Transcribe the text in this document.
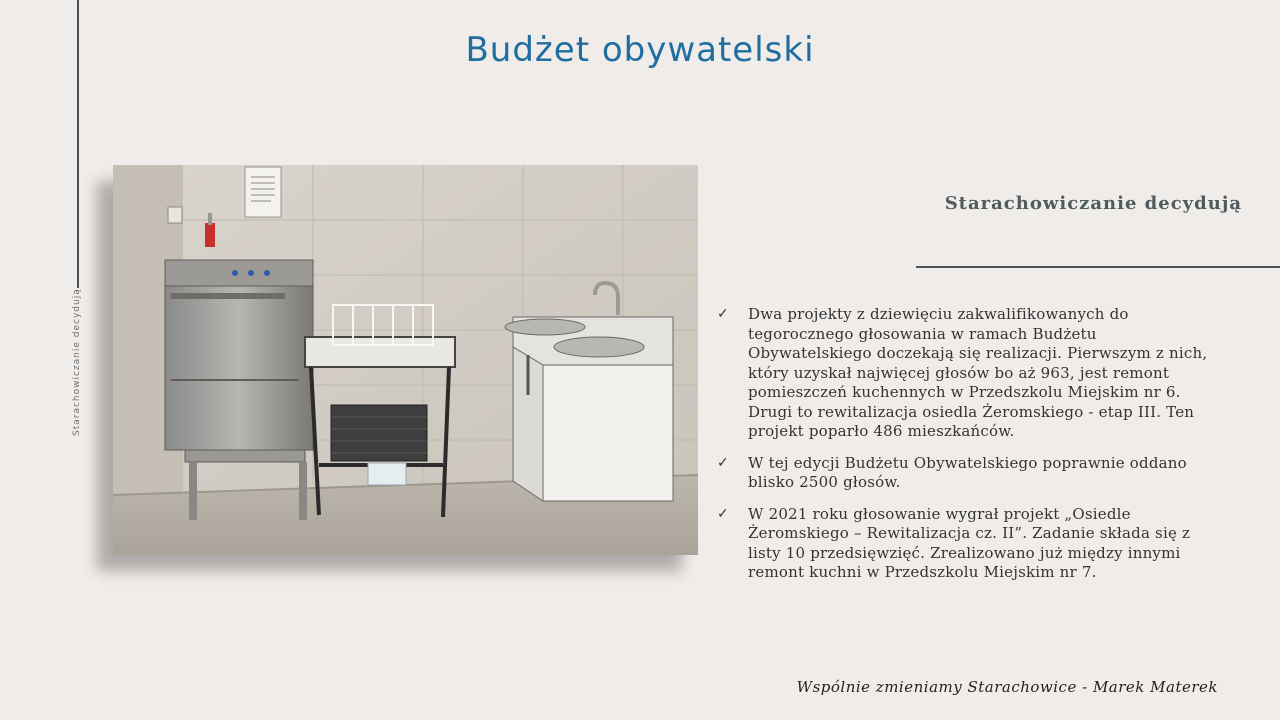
Starachowiczanie decydują
Budżet obywatelski
Starachowiczanie decydują
✓ Dwa projekty z dziewięciu zakwalifikowanych do tegorocznego głosowania w ramach Budżetu Obywatelskiego doczekają się realizacji. Pierwszym z nich, który uzyskał najwięcej głosów bo aż 963, jest remont pomieszczeń kuchennych w Przedszkolu Miejskim nr 6. Drugi to rewitalizacja osiedla Żeromskiego - etap III. Ten projekt poparło 486 mieszkańców.
✓ W tej edycji Budżetu Obywatelskiego poprawnie oddano blisko 2500 głosów.
✓ W 2021 roku głosowanie wygrał projekt „Osiedle Żeromskiego – Rewitalizacja cz. II”. Zadanie składa się z listy 10 przedsięwzięć. Zrealizowano już między innymi remont kuchni w Przedszkolu Miejskim nr 7.
Wspólnie zmieniamy Starachowice - Marek Materek
